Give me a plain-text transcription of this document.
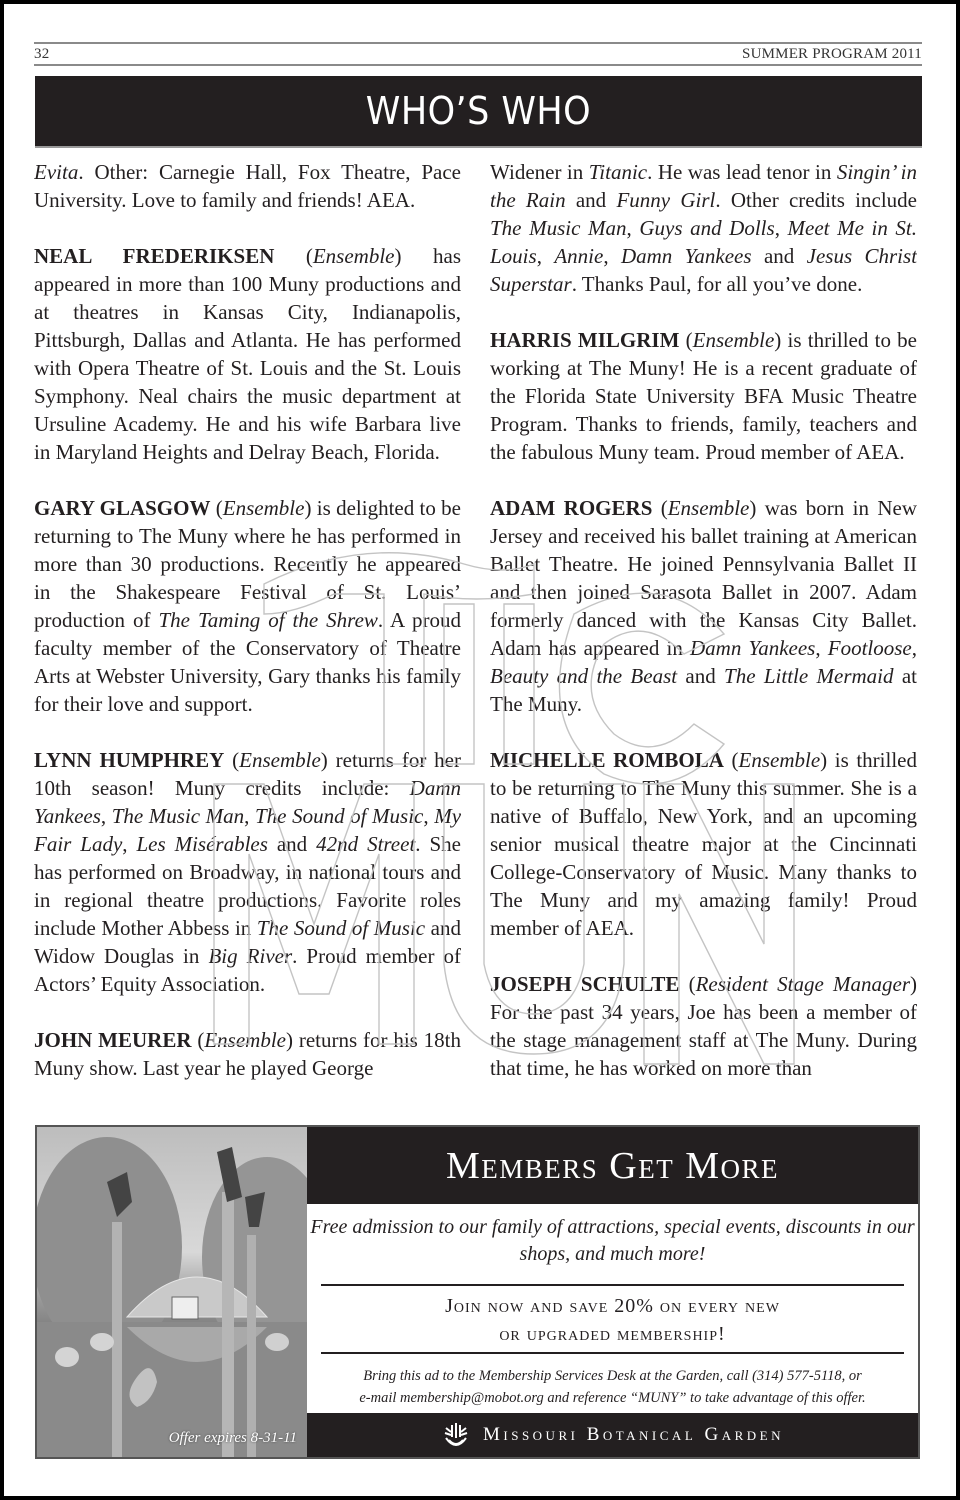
32	SUMMER PROGRAM 2011
WHO’S WHO

Evita. Other: Carnegie Hall, Fox Theatre, Pace University. Love to family and friends! AEA.

NEAL FREDERIKSEN (Ensemble) has appeared in more than 100 Muny productions and at theatres in Kansas City, Indianapolis, Pittsburgh, Dallas and Atlanta. He has performed with Opera Theatre of St. Louis and the St. Louis Symphony. Neal chairs the music department at Ursuline Academy. He and his wife Barbara live in Maryland Heights and Delray Beach, Florida.

GARY GLASGOW (Ensemble) is delighted to be returning to The Muny where he has performed in more than 30 productions. Recently he appeared in the Shakespeare Festival of St. Louis’ production of The Taming of the Shrew. A proud faculty member of the Conservatory of Theatre Arts at Webster University, Gary thanks his family for their love and support.

LYNN HUMPHREY (Ensemble) returns for her 10th season! Muny credits include: Damn Yankees, The Music Man, The Sound of Music, My Fair Lady, Les Misérables and 42nd Street. She has performed on Broadway, in national tours and in regional theatre productions. Favorite roles include Mother Abbess in The Sound of Music and Widow Douglas in Big River. Proud member of Actors’ Equity Association.

JOHN MEURER (Ensemble) returns for his 18th Muny show. Last year he played George

Widener in Titanic. He was lead tenor in Singin’ in the Rain and Funny Girl. Other credits include The Music Man, Guys and Dolls, Meet Me in St. Louis, Annie, Damn Yankees and Jesus Christ Superstar. Thanks Paul, for all you’ve done.

HARRIS MILGRIM (Ensemble) is thrilled to be working at The Muny! He is a recent graduate of the Florida State University BFA Music Theatre Program. Thanks to friends, family, teachers and the fabulous Muny team. Proud member of AEA.

ADAM ROGERS (Ensemble) was born in New Jersey and received his ballet training at American Ballet Theatre. He joined Pennsylvania Ballet II and then joined Sarasota Ballet in 2007. Adam formerly danced with the Kansas City Ballet. Adam has appeared in Damn Yankees, Footloose, Beauty and the Beast and The Little Mermaid at The Muny.

MICHELLE ROMBOLA (Ensemble) is thrilled to be returning to The Muny this summer. She is a native of Buffalo, New York, and an upcoming senior musical theatre major at the Cincinnati College-Conservatory of Music. Many thanks to The Muny and my amazing family! Proud member of AEA.

JOSEPH SCHULTE (Resident Stage Manager) For the past 34 years, Joe has been a member of the stage management staff at The Muny. During that time, he has worked on more than

Offer expires 8-31-11
Members Get More
Free admission to our family of attractions, special events, discounts in our shops, and much more!
Join now and save 20% on every new
or upgraded membership!
Bring this ad to the Membership Services Desk at the Garden, call (314) 577-5118, or
e-mail membership@mobot.org and reference “MUNY” to take advantage of this offer.
Missouri Botanical Garden
